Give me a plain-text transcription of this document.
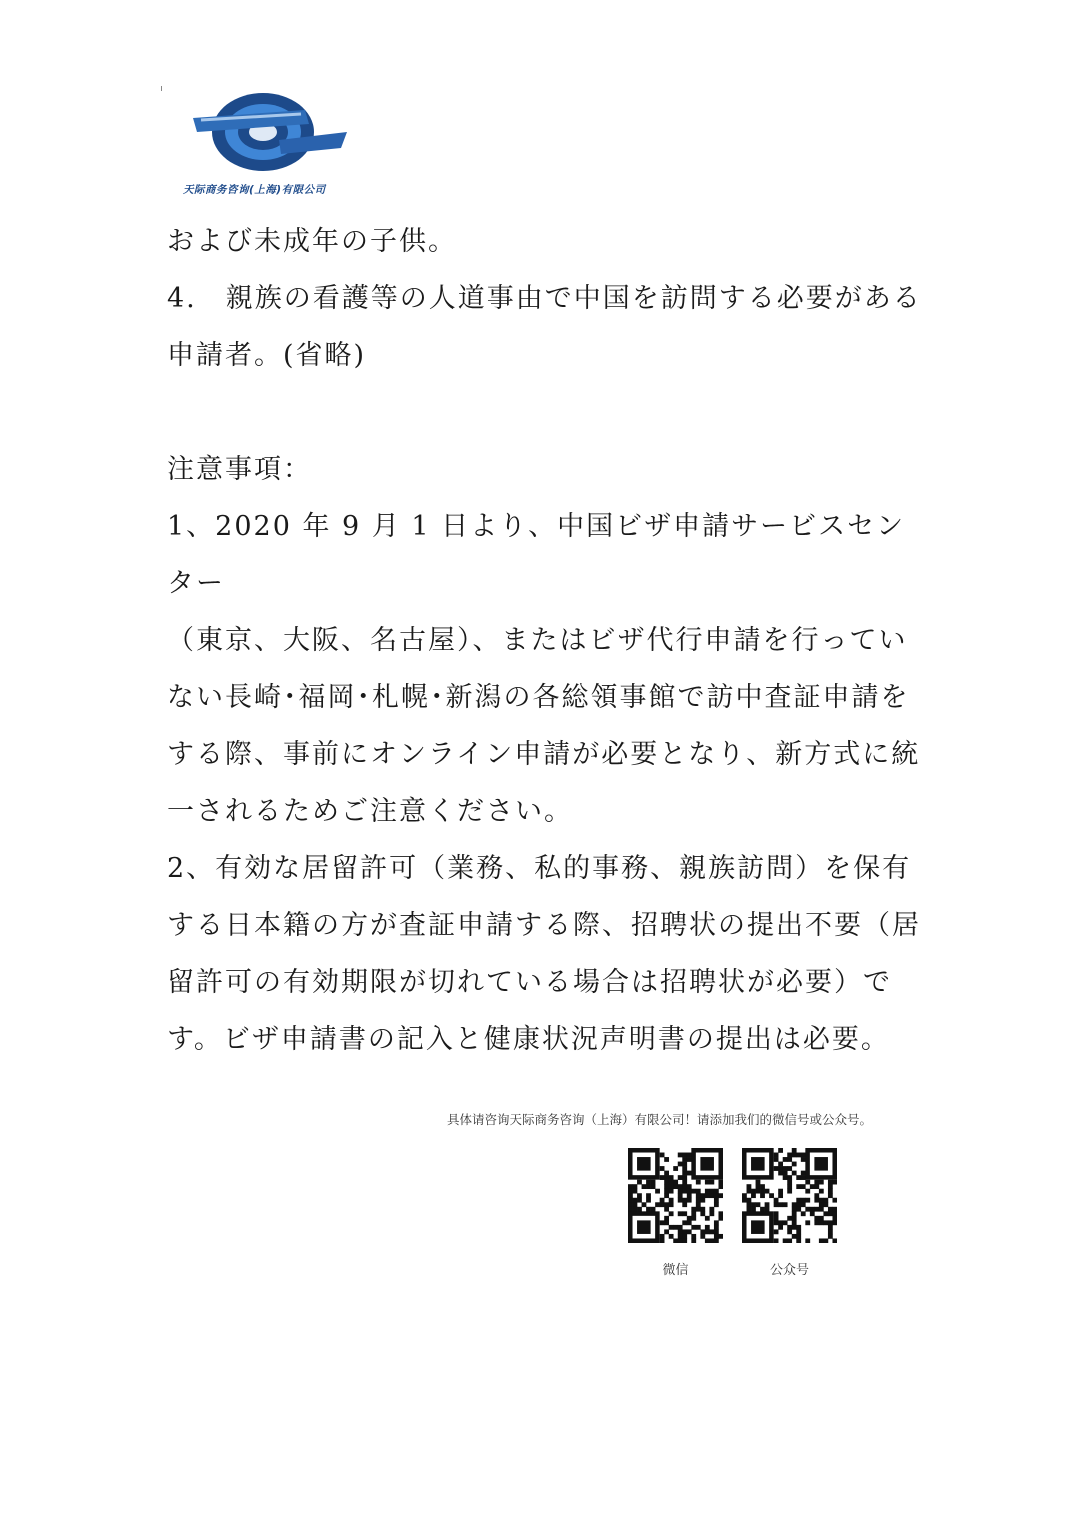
天际商务咨询(上海)有限公司

および未成年の子供。

4.　親族の看護等の人道事由で中国を訪問する必要がある

申請者。(省略)

注意事項：

1、2020 年 9 月 1 日より、中国ビザ申請サービスセンター

（東京、大阪、名古屋）、またはビザ代行申請を行ってい

ない長崎･福岡･札幌･新潟の各総領事館で訪中査証申請を

する際、事前にオンライン申請が必要となり、新方式に統

一されるためご注意ください。

2、有効な居留許可（業務、私的事務、親族訪問）を保有

する日本籍の方が査証申請する際、招聘状の提出不要（居

留許可の有効期限が切れている場合は招聘状が必要）で

す。ビザ申請書の記入と健康状況声明書の提出は必要。

具体请咨询天际商务咨询（上海）有限公司！请添加我们的微信号或公众号。
微信	公众号
